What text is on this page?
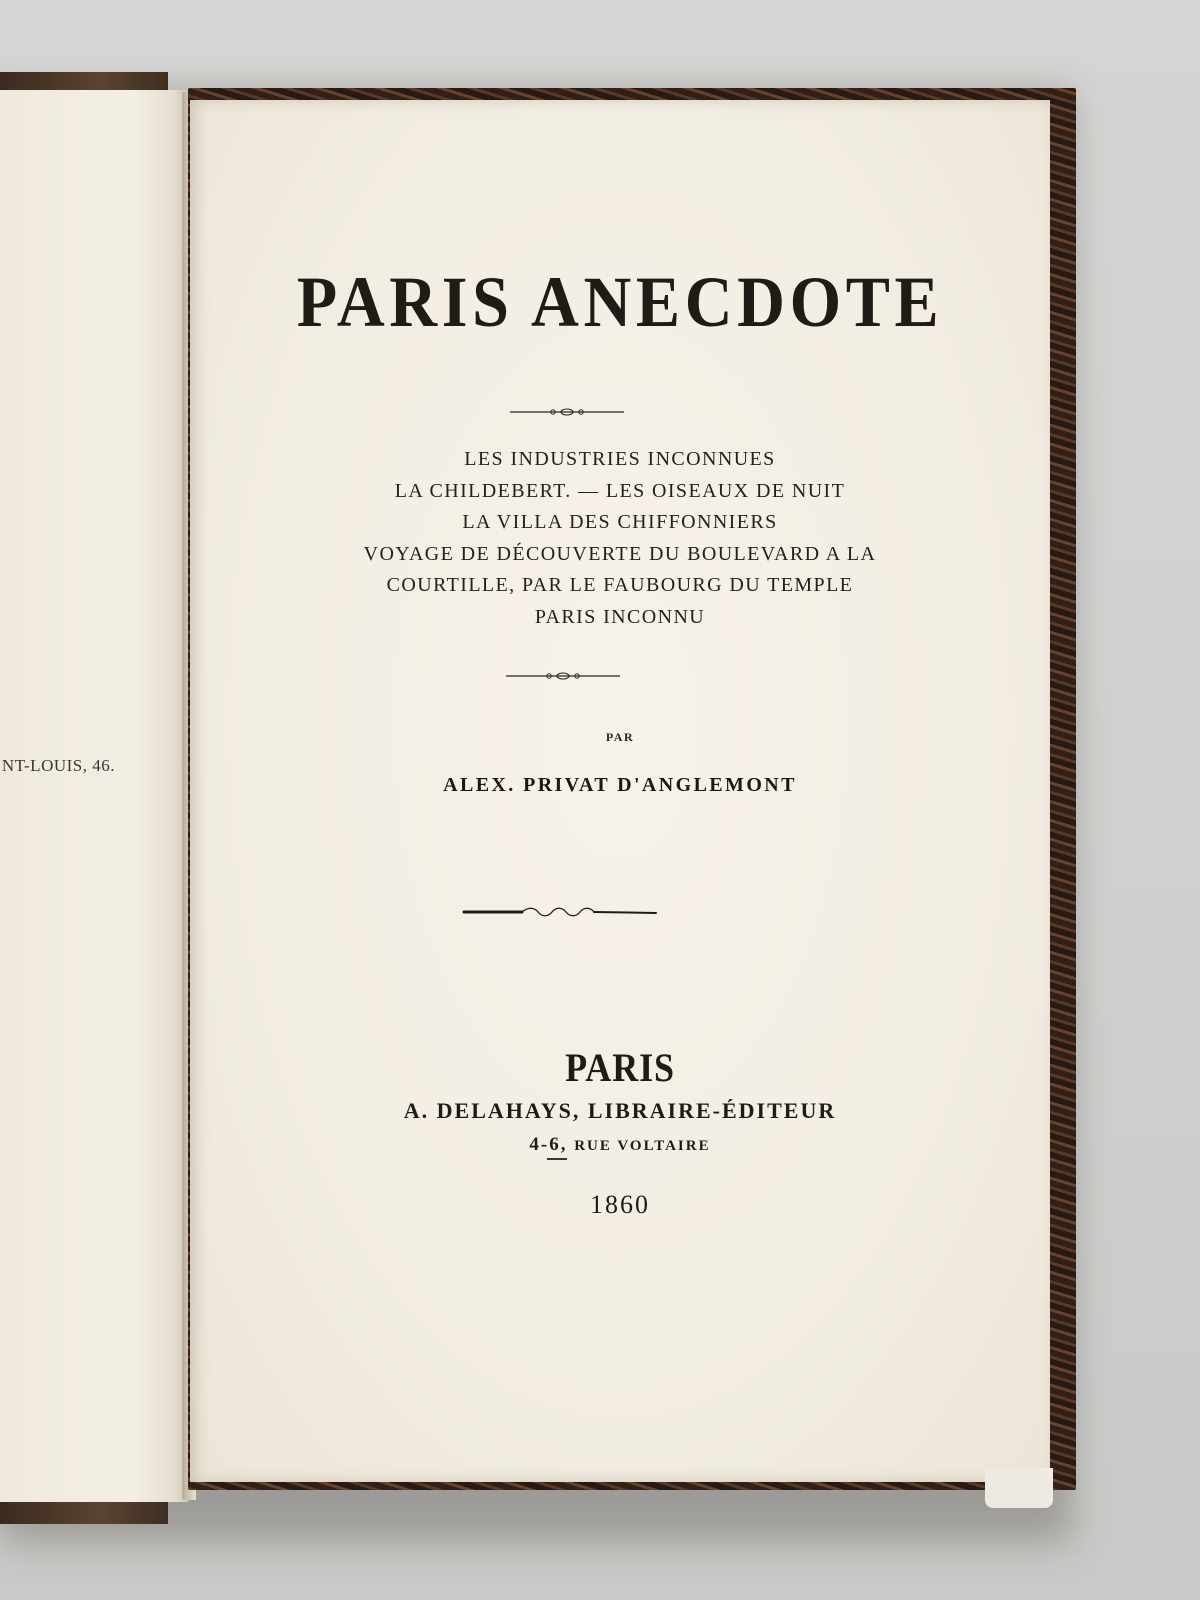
NT-LOUIS, 46.
PARIS ANECDOTE
LES INDUSTRIES INCONNUES
LA CHILDEBERT. — LES OISEAUX DE NUIT
LA VILLA DES CHIFFONNIERS
VOYAGE DE DÉCOUVERTE DU BOULEVARD A LA
COURTILLE, PAR LE FAUBOURG DU TEMPLE
PARIS INCONNU
PAR
ALEX. PRIVAT D'ANGLEMONT
PARIS
A. DELAHAYS, LIBRAIRE-ÉDITEUR
4-6, RUE VOLTAIRE
1860
